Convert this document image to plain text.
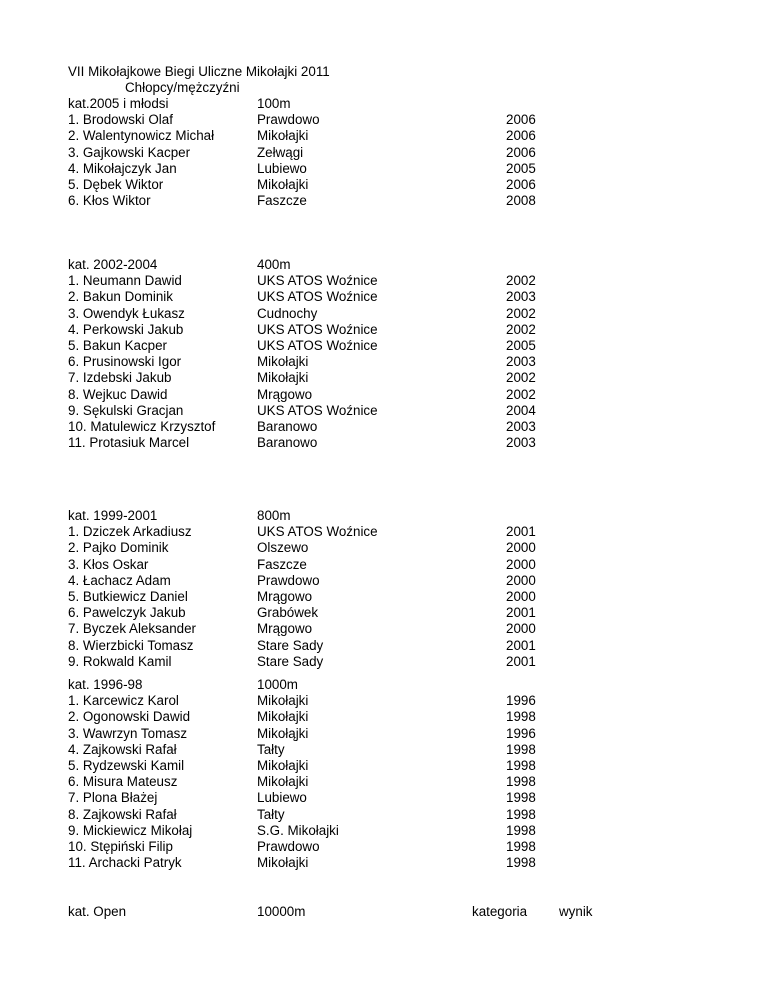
VII Mikołajkowe Biegi Uliczne Mikołajki 2011
Chłopcy/mężczyźni
kat.2005 i młodsi	100m
1. Brodowski Olaf	Prawdowo	2006
2. Walentynowicz Michał	Mikołajki	2006
3. Gajkowski Kacper	Zełwągi	2006
4. Mikołajczyk Jan	Lubiewo	2005
5. Dębek Wiktor	Mikołajki	2006
6. Kłos Wiktor	Faszcze	2008
kat. 2002-2004	400m
1. Neumann Dawid	UKS ATOS Woźnice	2002
2. Bakun Dominik	UKS ATOS Woźnice	2003
3. Owendyk Łukasz	Cudnochy	2002
4. Perkowski Jakub	UKS ATOS Woźnice	2002
5. Bakun Kacper	UKS ATOS Woźnice	2005
6. Prusinowski Igor	Mikołajki	2003
7. Izdebski Jakub	Mikołajki	2002
8. Wejkuc Dawid	Mrągowo	2002
9. Sękulski Gracjan	UKS ATOS Woźnice	2004
10. Matulewicz Krzysztof	Baranowo	2003
11. Protasiuk Marcel	Baranowo	2003
kat. 1999-2001	800m
1. Dziczek Arkadiusz	UKS ATOS Woźnice	2001
2. Pajko Dominik	Olszewo	2000
3. Kłos Oskar	Faszcze	2000
4. Łachacz Adam	Prawdowo	2000
5. Butkiewicz Daniel	Mrągowo	2000
6. Pawelczyk Jakub	Grabówek	2001
7. Byczek Aleksander	Mrągowo	2000
8. Wierzbicki Tomasz	Stare Sady	2001
9. Rokwald Kamil	Stare Sady	2001
kat. 1996-98	1000m
1. Karcewicz Karol	Mikołajki	1996
2. Ogonowski Dawid	Mikołajki	1998
3. Wawrzyn Tomasz	Mikołąjki	1996
4. Zajkowski Rafał	Tałty	1998
5. Rydzewski Kamil	Mikołajki	1998
6. Misura Mateusz	Mikołajki	1998
7. Plona Błażej	Lubiewo	1998
8. Zajkowski Rafał	Tałty	1998
9. Mickiewicz Mikołaj	S.G. Mikołajki	1998
10. Stępiński Filip	Prawdowo	1998
11. Archacki Patryk	Mikołajki	1998
kat. Open	10000m	kategoria wynik
